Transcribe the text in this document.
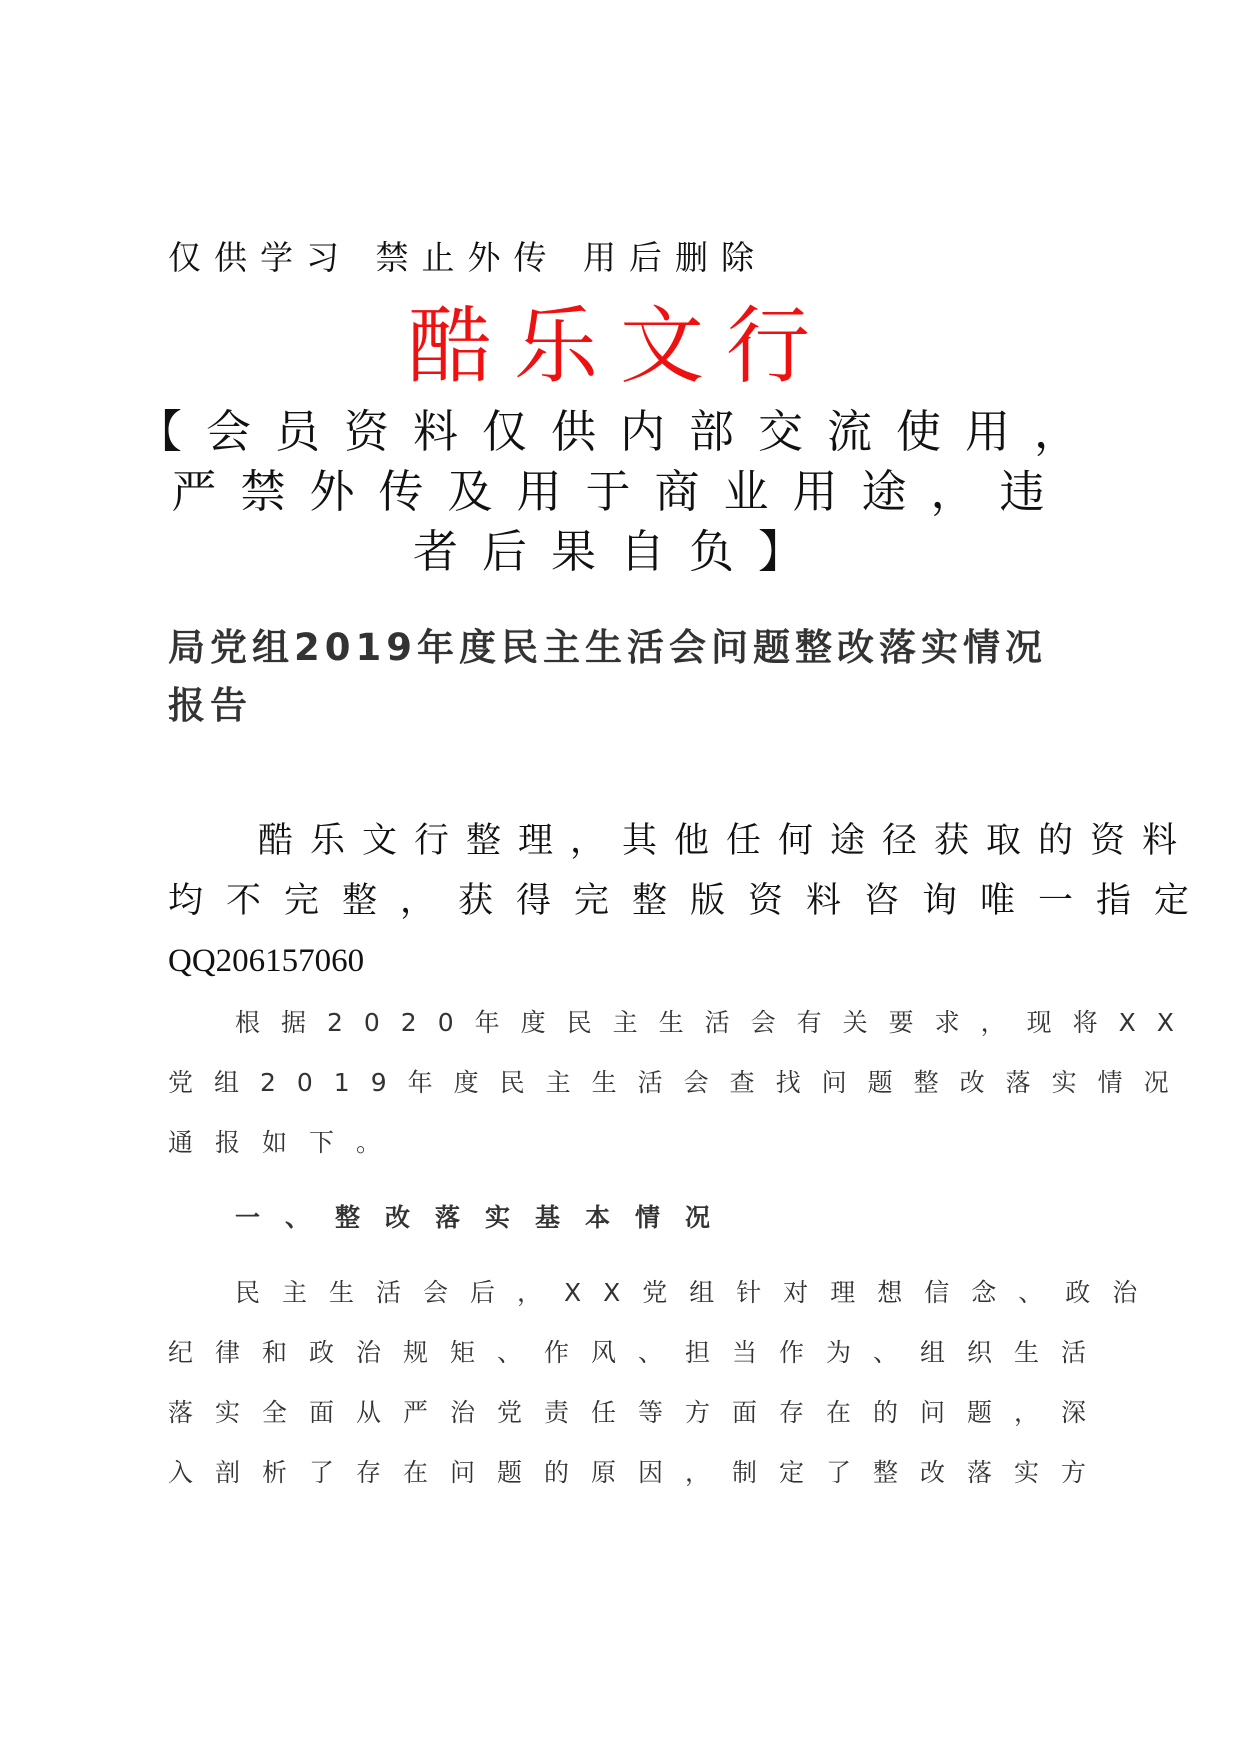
仅供学习 禁止外传 用后删除

酷乐文行

【会员资料仅供内部交流使用，

严禁外传及用于商业用途，违

者后果自负】

局党组2019年度民主生活会问题整改落实情况

报告

酷乐文行整理，其他任何途径获取的资料

均不完整，获得完整版资料咨询唯一指定

QQ206157060

根据2020年度民主生活会有关要求，现将XX

党组2019年度民主生活会查找问题整改落实情况

通报如下。

一、整改落实基本情况

民主生活会后，XX党组针对理想信念、政治

纪律和政治规矩、作风、担当作为、组织生活

落实全面从严治党责任等方面存在的问题，深

入剖析了存在问题的原因，制定了整改落实方
